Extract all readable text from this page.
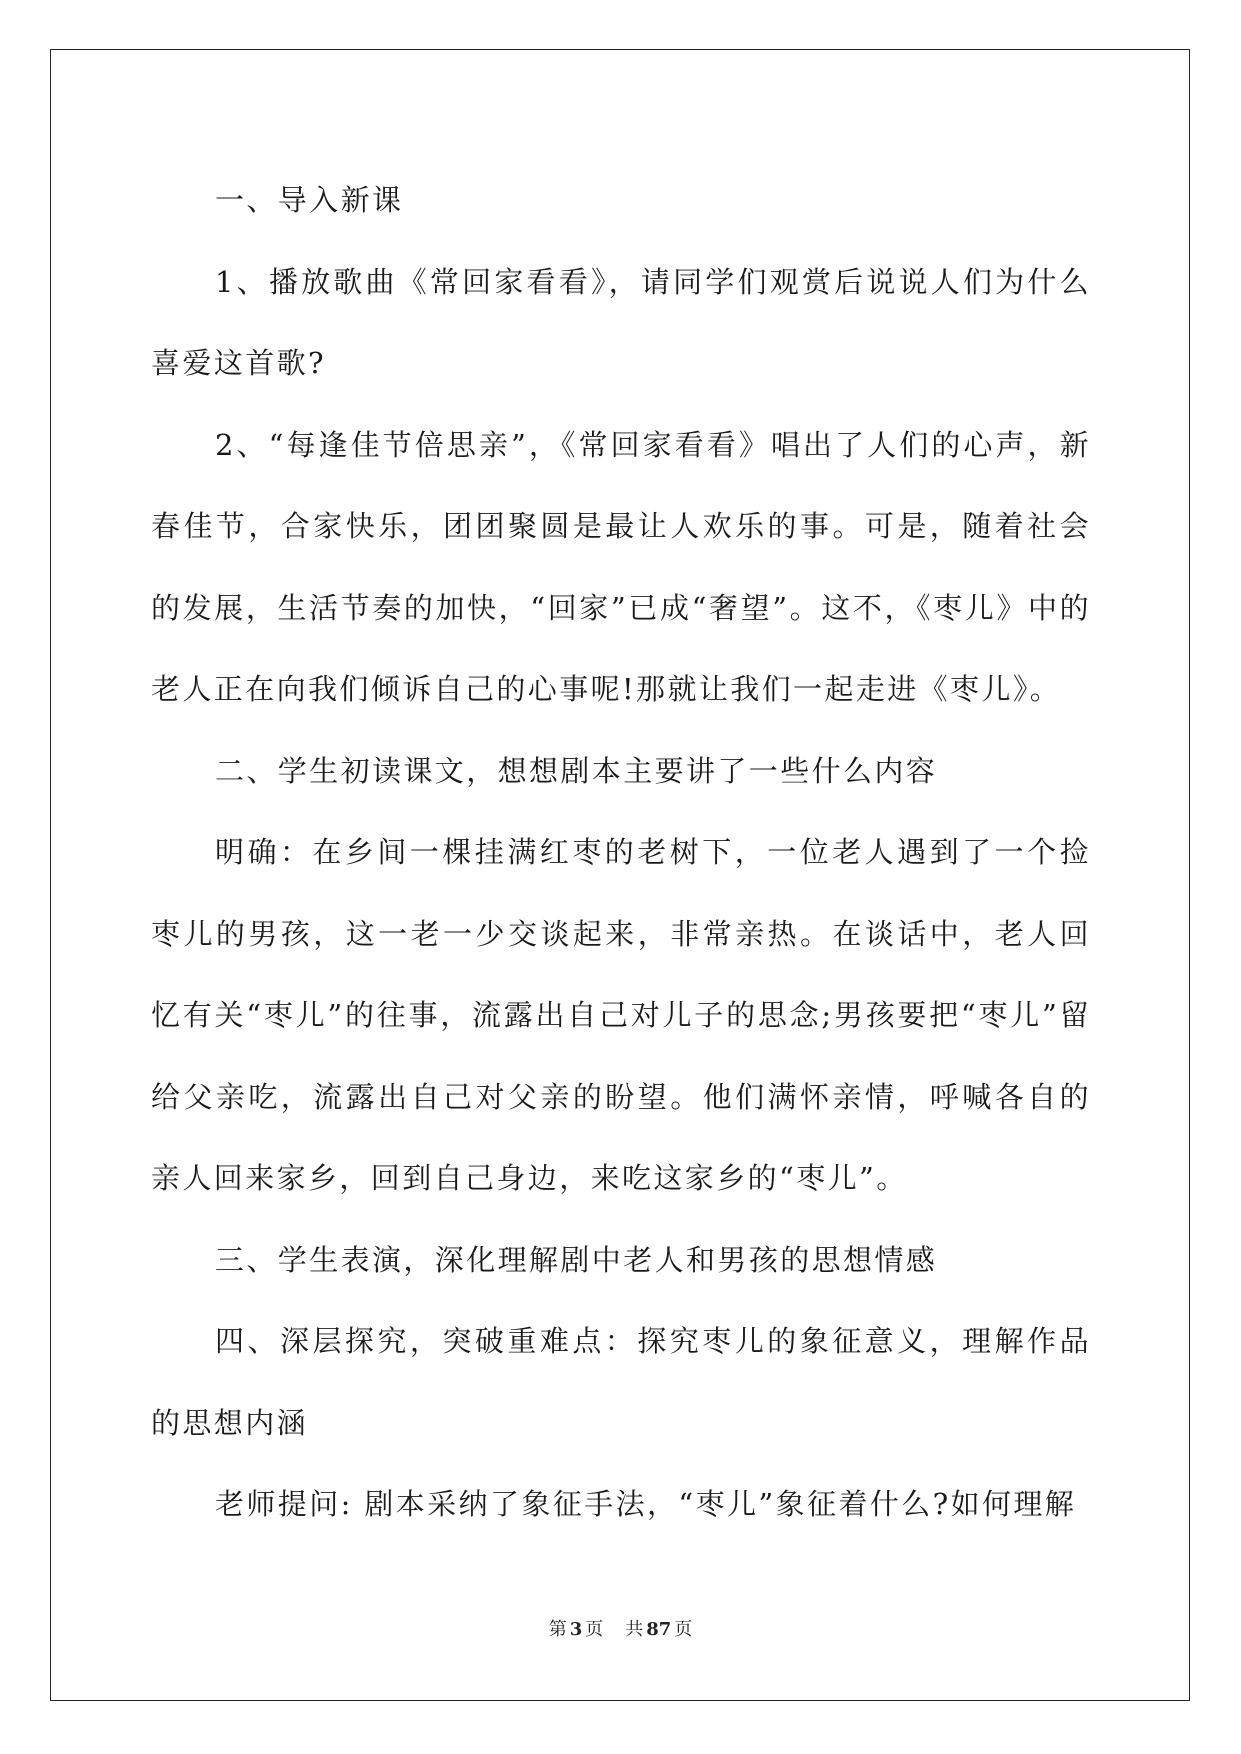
一、导入新课

1、播放歌曲《常回家看看》，请同学们观赏后说说人们为什么喜爱这首歌?

2、“每逢佳节倍思亲”，《常回家看看》唱出了人们的心声，新春佳节，合家快乐，团团聚圆是最让人欢乐的事。可是，随着社会的发展，生活节奏的加快，“回家”已成“奢望”。这不，《枣儿》中的老人正在向我们倾诉自己的心事呢!那就让我们一起走进《枣儿》。

二、学生初读课文，想想剧本主要讲了一些什么内容

明确：在乡间一棵挂满红枣的老树下，一位老人遇到了一个捡枣儿的男孩，这一老一少交谈起来，非常亲热。在谈话中，老人回忆有关“枣儿”的往事，流露出自己对儿子的思念;男孩要把“枣儿”留给父亲吃，流露出自己对父亲的盼望。他们满怀亲情，呼喊各自的亲人回来家乡，回到自己身边，来吃这家乡的“枣儿”。

三、学生表演，深化理解剧中老人和男孩的思想情感

四、深层探究，突破重难点：探究枣儿的象征意义，理解作品的思想内涵

老师提问: 剧本采纳了象征手法，“枣儿”象征着什么?如何理解

第 3 页 共 87 页
